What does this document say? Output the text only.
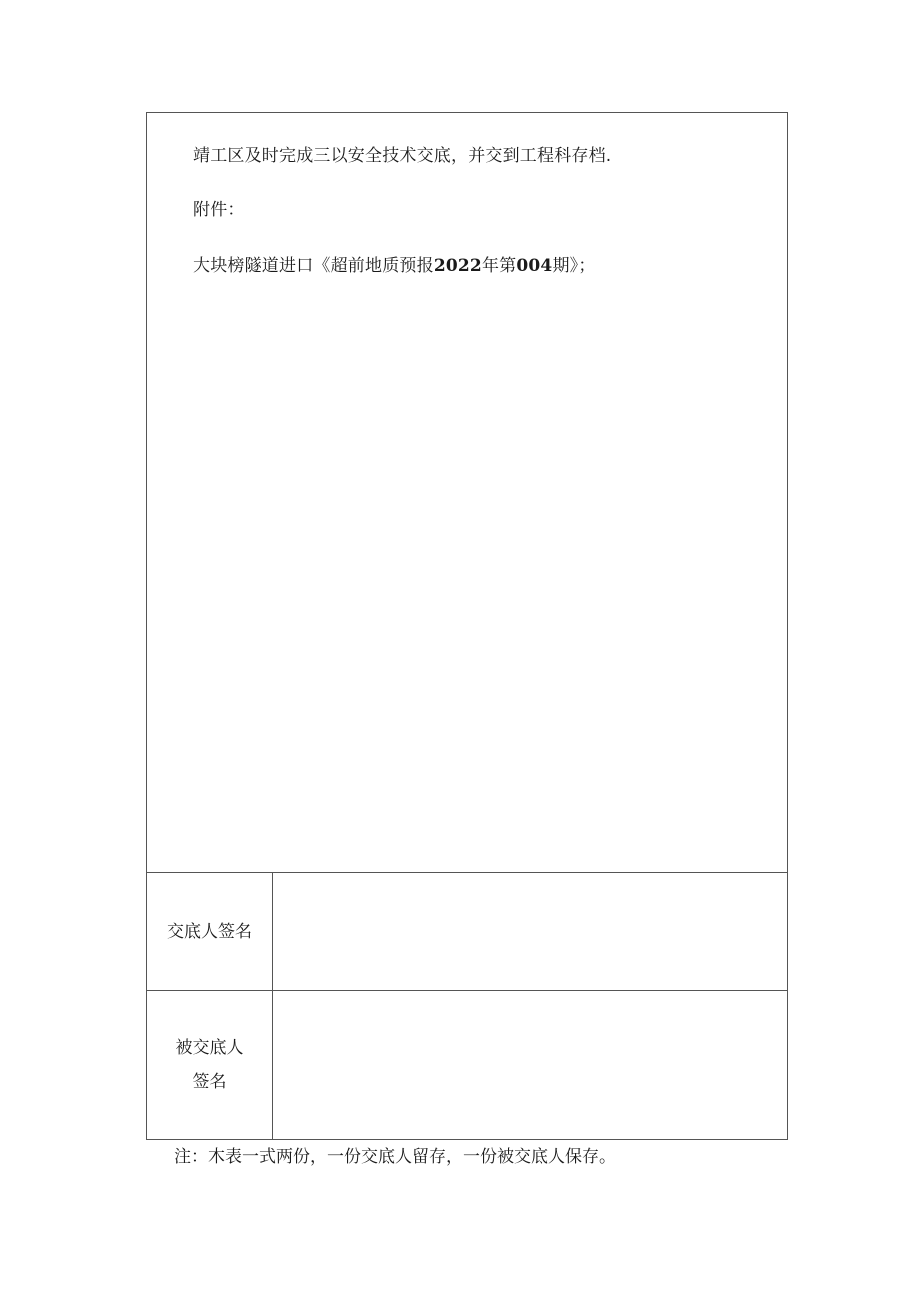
靖工区及时完成三以安全技术交底，并交到工程科存档.
附件：
大块榜隧道进口《超前地质预报2022年第004期》；
交底人签名
被交底人
签名
注：木表一式两份，一份交底人留存，一份被交底人保存。
